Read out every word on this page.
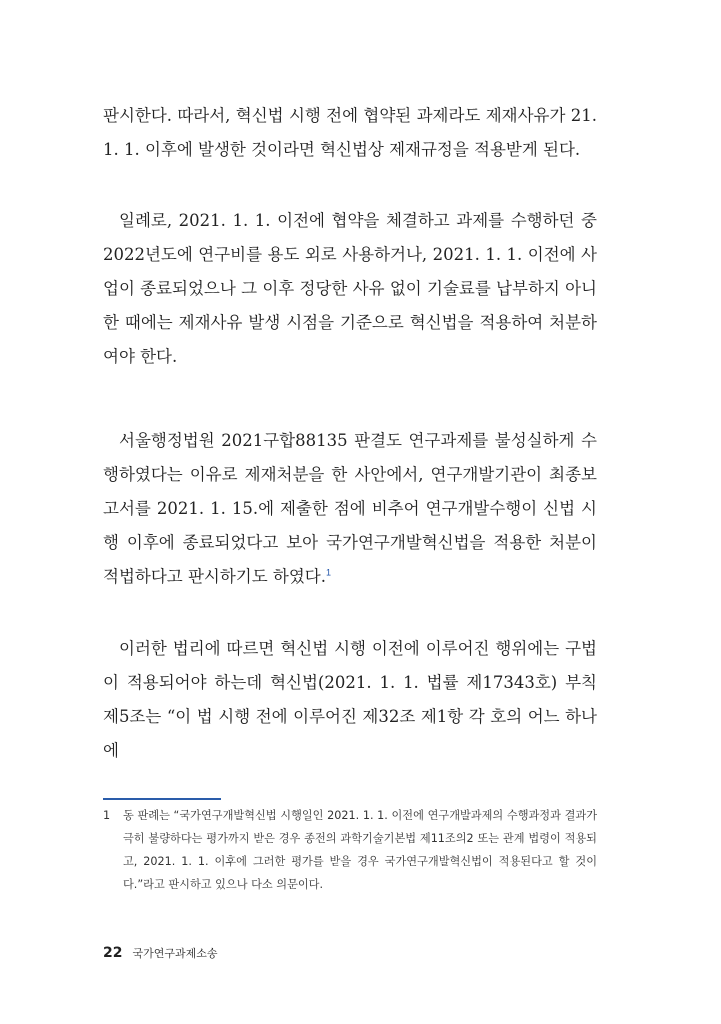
판시한다. 따라서, 혁신법 시행 전에 협약된 과제라도 제재사유가 21. 1. 1. 이후에 발생한 것이라면 혁신법상 제재규정을 적용받게 된다.

일례로, 2021. 1. 1. 이전에 협약을 체결하고 과제를 수행하던 중 2022년도에 연구비를 용도 외로 사용하거나, 2021. 1. 1. 이전에 사업이 종료되었으나 그 이후 정당한 사유 없이 기술료를 납부하지 아니한 때에는 제재사유 발생 시점을 기준으로 혁신법을 적용하여 처분하여야 한다.

서울행정법원 2021구합88135 판결도 연구과제를 불성실하게 수행하였다는 이유로 제재처분을 한 사안에서, 연구개발기관이 최종보고서를 2021. 1. 15.에 제출한 점에 비추어 연구개발수행이 신법 시행 이후에 종료되었다고 보아 국가연구개발혁신법을 적용한 처분이 적법하다고 판시하기도 하였다.$^1$

이러한 법리에 따르면 혁신법 시행 이전에 이루어진 행위에는 구법이 적용되어야 하는데 혁신법(2021. 1. 1. 법률 제17343호) 부칙 제5조는 “이 법 시행 전에 이루어진 제32조 제1항 각 호의 어느 하나에

1	동 판례는 “국가연구개발혁신법 시행일인 2021. 1. 1. 이전에 연구개발과제의 수행과정과 결과가 극히 불량하다는 평가까지 받은 경우 종전의 과학기술기본법 제11조의2 또는 관계 법령이 적용되고, 2021. 1. 1. 이후에 그러한 평가를 받을 경우 국가연구개발혁신법이 적용된다고 할 것이다.”라고 판시하고 있으나 다소 의문이다.
22 국가연구과제소송
